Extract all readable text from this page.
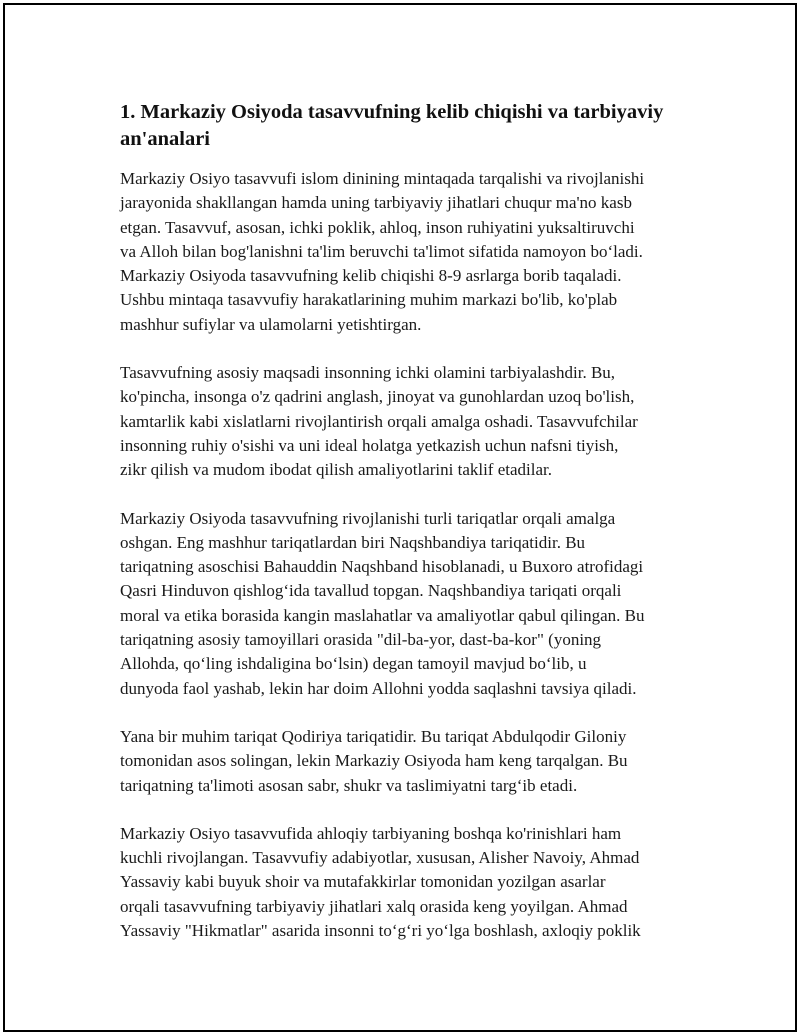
1. Markaziy Osiyoda tasavvufning kelib chiqishi va tarbiyaviy
an'analari

Markaziy Osiyo tasavvufi islom dinining mintaqada tarqalishi va rivojlanishi
jarayonida shakllangan hamda uning tarbiyaviy jihatlari chuqur ma'no kasb
etgan. Tasavvuf, asosan, ichki poklik, ahloq, inson ruhiyatini yuksaltiruvchi
va Alloh bilan bog'lanishni ta'lim beruvchi ta'limot sifatida namoyon bo‘ladi.
Markaziy Osiyoda tasavvufning kelib chiqishi 8-9 asrlarga borib taqaladi.
Ushbu mintaqa tasavvufiy harakatlarining muhim markazi bo'lib, ko'plab
mashhur sufiylar va ulamolarni yetishtirgan.

Tasavvufning asosiy maqsadi insonning ichki olamini tarbiyalashdir. Bu,
ko'pincha, insonga o'z qadrini anglash, jinoyat va gunohlardan uzoq bo'lish,
kamtarlik kabi xislatlarni rivojlantirish orqali amalga oshadi. Tasavvufchilar
insonning ruhiy o'sishi va uni ideal holatga yetkazish uchun nafsni tiyish,
zikr qilish va mudom ibodat qilish amaliyotlarini taklif etadilar.

Markaziy Osiyoda tasavvufning rivojlanishi turli tariqatlar orqali amalga
oshgan. Eng mashhur tariqatlardan biri Naqshbandiya tariqatidir. Bu
tariqatning asoschisi Bahauddin Naqshband hisoblanadi, u Buxoro atrofidagi
Qasri Hinduvon qishlog‘ida tavallud topgan. Naqshbandiya tariqati orqali
moral va etika borasida kangin maslahatlar va amaliyotlar qabul qilingan. Bu
tariqatning asosiy tamoyillari orasida "dil-ba-yor, dast-ba-kor" (yoning
Allohda, qo‘ling ishdaligina bo‘lsin) degan tamoyil mavjud bo‘lib, u
dunyoda faol yashab, lekin har doim Allohni yodda saqlashni tavsiya qiladi.

Yana bir muhim tariqat Qodiriya tariqatidir. Bu tariqat Abdulqodir Giloniy
tomonidan asos solingan, lekin Markaziy Osiyoda ham keng tarqalgan. Bu
tariqatning ta'limoti asosan sabr, shukr va taslimiyatni targ‘ib etadi.

Markaziy Osiyo tasavvufida ahloqiy tarbiyaning boshqa ko'rinishlari ham
kuchli rivojlangan. Tasavvufiy adabiyotlar, xususan, Alisher Navoiy, Ahmad
Yassaviy kabi buyuk shoir va mutafakkirlar tomonidan yozilgan asarlar
orqali tasavvufning tarbiyaviy jihatlari xalq orasida keng yoyilgan. Ahmad
Yassaviy "Hikmatlar" asarida insonni to‘g‘ri yo‘lga boshlash, axloqiy poklik
